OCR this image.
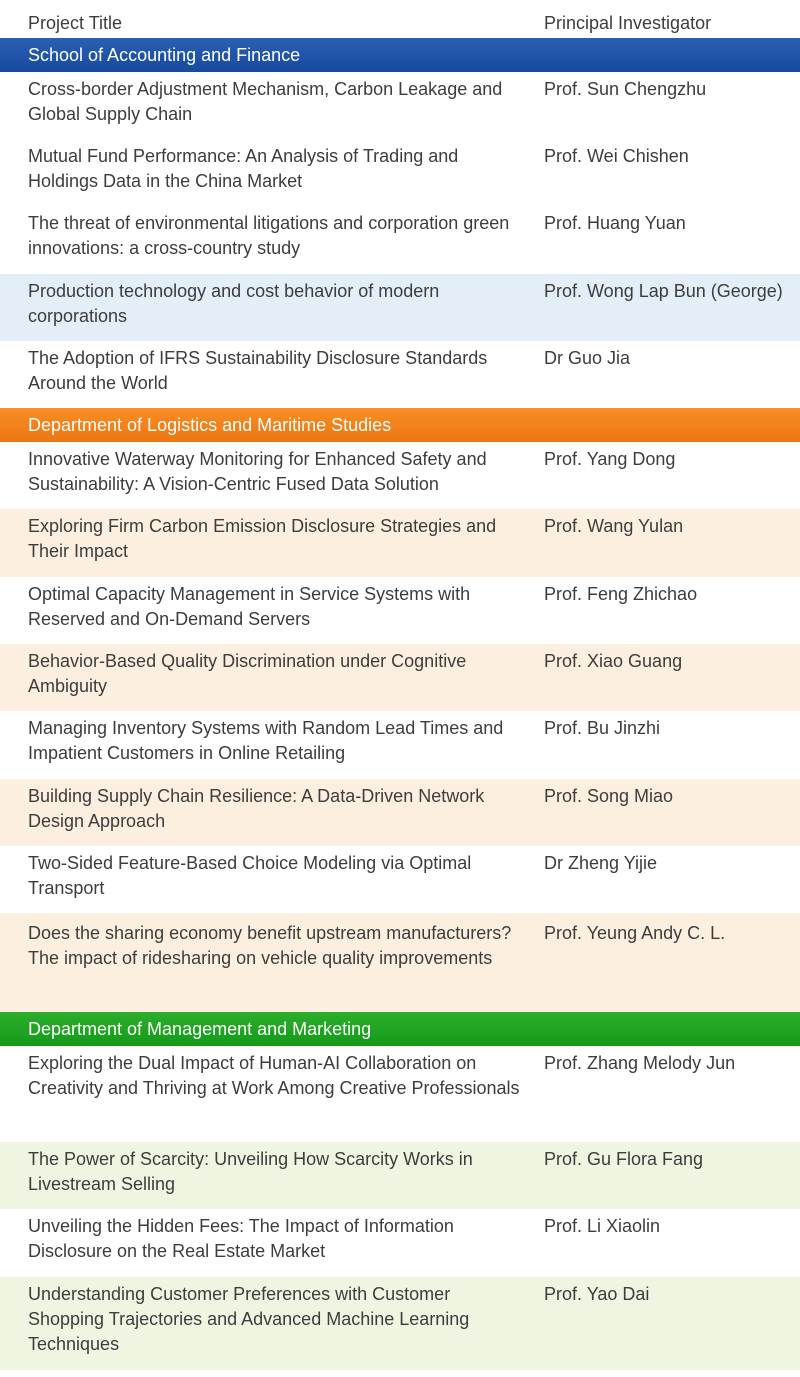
Project Title	Principal Investigator
School of Accounting and Finance
Cross-border Adjustment Mechanism, Carbon Leakage and Global Supply Chain
Prof. Sun Chengzhu
Mutual Fund Performance: An Analysis of Trading and Holdings Data in the China Market
Prof. Wei Chishen
The threat of environmental litigations and corporation green innovations: a cross-country study
Prof. Huang Yuan
Production technology and cost behavior of modern corporations
Prof. Wong Lap Bun (George)
The Adoption of IFRS Sustainability Disclosure Standards Around the World
Dr Guo Jia
Department of Logistics and Maritime Studies
Innovative Waterway Monitoring for Enhanced Safety and Sustainability: A Vision-Centric Fused Data Solution
Prof. Yang Dong
Exploring Firm Carbon Emission Disclosure Strategies and Their Impact
Prof. Wang Yulan
Optimal Capacity Management in Service Systems with Reserved and On-Demand Servers
Prof. Feng Zhichao
Behavior-Based Quality Discrimination under Cognitive Ambiguity
Prof. Xiao Guang
Managing Inventory Systems with Random Lead Times and Impatient Customers in Online Retailing
Prof. Bu Jinzhi
Building Supply Chain Resilience: A Data-Driven Network Design Approach
Prof. Song Miao
Two-Sided Feature-Based Choice Modeling via Optimal Transport
Dr Zheng Yijie
Does the sharing economy benefit upstream manufacturers? The impact of ridesharing on vehicle quality improvements
Prof. Yeung Andy C. L.
Department of Management and Marketing
Exploring the Dual Impact of Human-AI Collaboration on Creativity and Thriving at Work Among Creative Professionals
Prof. Zhang Melody Jun
The Power of Scarcity: Unveiling How Scarcity Works in Livestream Selling
Prof. Gu Flora Fang
Unveiling the Hidden Fees: The Impact of Information Disclosure on the Real Estate Market
Prof. Li Xiaolin
Understanding Customer Preferences with Customer Shopping Trajectories and Advanced Machine Learning Techniques
Prof. Yao Dai
